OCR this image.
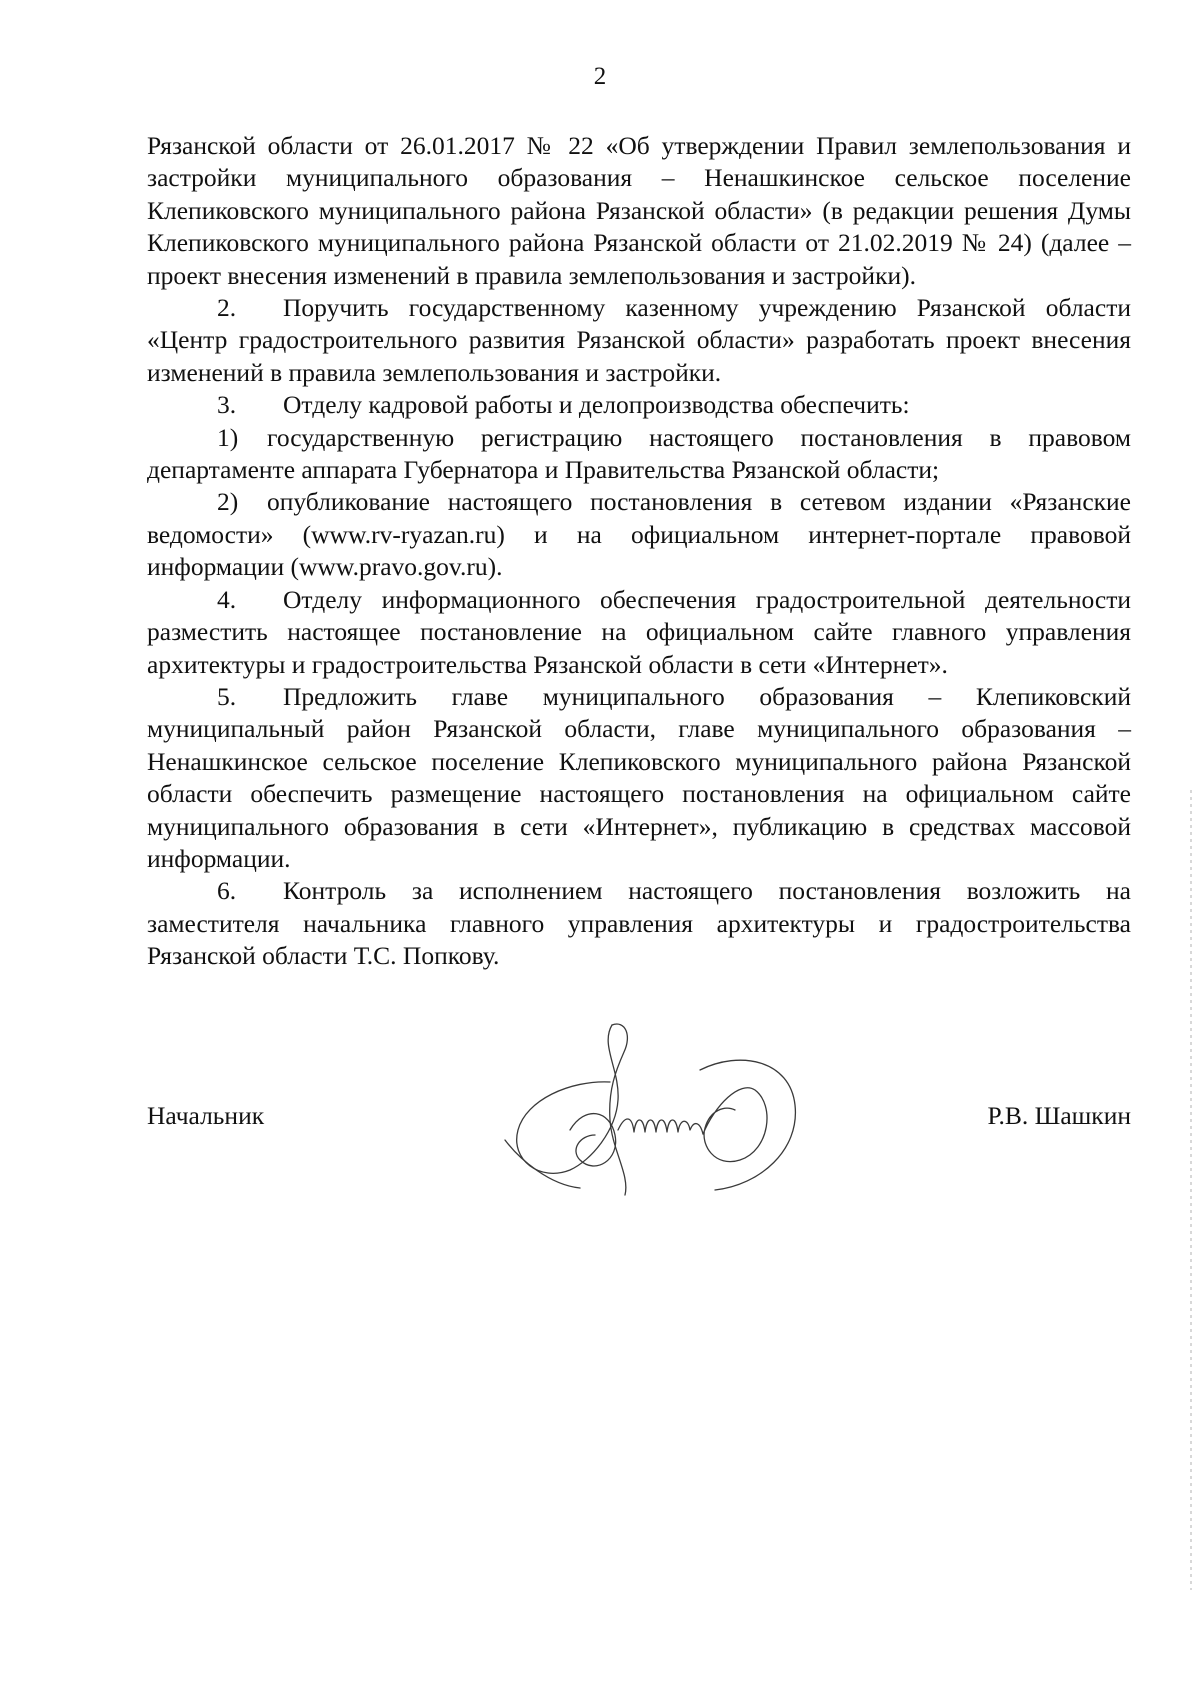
2

Рязанской области от 26.01.2017 № 22 «Об утверждении Правил землепользования и застройки муниципального образования – Ненашкинское сельское поселение Клепиковского муниципального района Рязанской области» (в редакции решения Думы Клепиковского муниципального района Рязанской области от 21.02.2019 № 24) (далее – проект внесения изменений в правила землепользования и застройки).

2. Поручить государственному казенному учреждению Рязанской области «Центр градостроительного развития Рязанской области» разработать проект внесения изменений в правила землепользования и застройки.

3. Отделу кадровой работы и делопроизводства обеспечить:

1) государственную регистрацию настоящего постановления в правовом департаменте аппарата Губернатора и Правительства Рязанской области;

2) опубликование настоящего постановления в сетевом издании «Рязанские ведомости» (www.rv-ryazan.ru) и на официальном интернет-портале правовой информации (www.pravo.gov.ru).

4. Отделу информационного обеспечения градостроительной деятельности разместить настоящее постановление на официальном сайте главного управления архитектуры и градостроительства Рязанской области в сети «Интернет».

5. Предложить главе муниципального образования – Клепиковский муниципальный район Рязанской области, главе муниципального образования – Ненашкинское сельское поселение Клепиковского муниципального района Рязанской области обеспечить размещение настоящего постановления на официальном сайте муниципального образования в сети «Интернет», публикацию в средствах массовой информации.

6. Контроль за исполнением настоящего постановления возложить на заместителя начальника главного управления архитектуры и градостроительства Рязанской области Т.С. Попкову.

Начальник	Р.В. Шашкин
